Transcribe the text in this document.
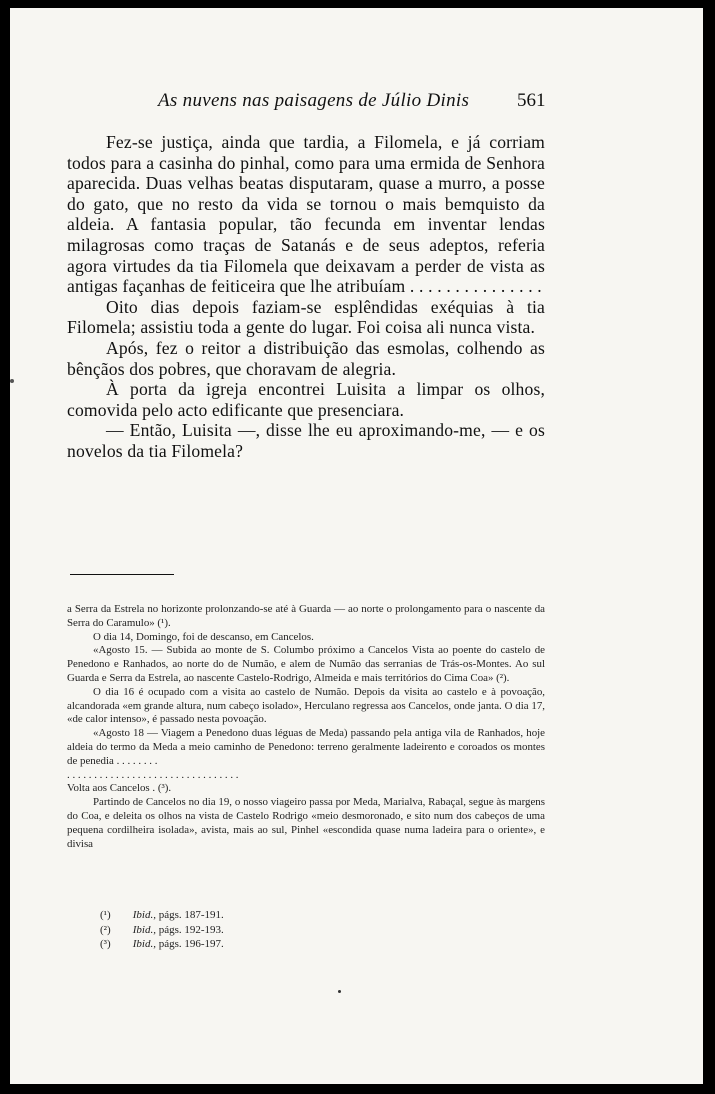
As nuvens nas paisagens de Júlio Dinis	561

Fez-se justiça, ainda que tardia, a Filomela, e já corriam todos para a casinha do pinhal, como para uma ermida de Senhora aparecida. Duas velhas beatas disputaram, quase a murro, a posse do gato, que no resto da vida se tornou o mais bemquisto da aldeia. A fantasia popular, tão fecunda em inventar lendas milagrosas como traças de Satanás e de seus adeptos, referia agora virtudes da tia Filomela que deixavam a perder de vista as antigas façanhas de feiticeira que lhe atribuíam . . . . . . . . . . . . . . .

Oito dias depois faziam-se esplêndidas exéquias à tia Filomela; assistiu toda a gente do lugar. Foi coisa ali nunca vista.

Após, fez o reitor a distribuição das esmolas, colhendo as bênçãos dos pobres, que choravam de alegria.

À porta da igreja encontrei Luisita a limpar os olhos, comovida pelo acto edificante que presenciara.

— Então, Luisita —, disse lhe eu aproximando-me, — e os novelos da tia Filomela?

a Serra da Estrela no horizonte prolonzando-se até à Guarda — ao norte o prolongamento para o nascente da Serra do Caramulo» (¹).

O dia 14, Domingo, foi de descanso, em Cancelos.

«Agosto 15. — Subida ao monte de S. Columbo próximo a Cancelos Vista ao poente do castelo de Penedono e Ranhados, ao norte do de Numão, e alem de Numão das serranias de Trás-os-Montes. Ao sul Guarda e Serra da Estrela, ao nascente Castelo-Rodrigo, Almeida e mais territórios do Cima Coa» (²).

O dia 16 é ocupado com a visita ao castelo de Numão. Depois da visita ao castelo e à povoação, alcandorada «em grande altura, num cabeço isolado», Herculano regressa aos Cancelos, onde janta. O dia 17, «de calor intenso», é passado nesta povoação.

«Agosto 18 — Viagem a Penedono duas léguas de Meda) passando pela antiga vila de Ranhados, hoje aldeia do termo da Meda a meio caminho de Penedono: terreno geralmente ladeirento e coroados os montes de penedia . . . . . . . .

. . . . . . . . . . . . . . . . . . . . . . . . . . . . . . . .

Volta aos Cancelos . (³).

Partindo de Cancelos no dia 19, o nosso viageiro passa por Meda, Marialva, Rabaçal, segue às margens do Coa, e deleita os olhos na vista de Castelo Rodrigo «meio desmoronado, e sito num dos cabeços de uma pequena cordilheira isolada», avista, mais ao sul, Pinhel «escondida quase numa ladeira para o oriente», e divisa

(¹) Ibid., págs. 187-191.
(²) Ibid., págs. 192-193.
(³) Ibid., págs. 196-197.
